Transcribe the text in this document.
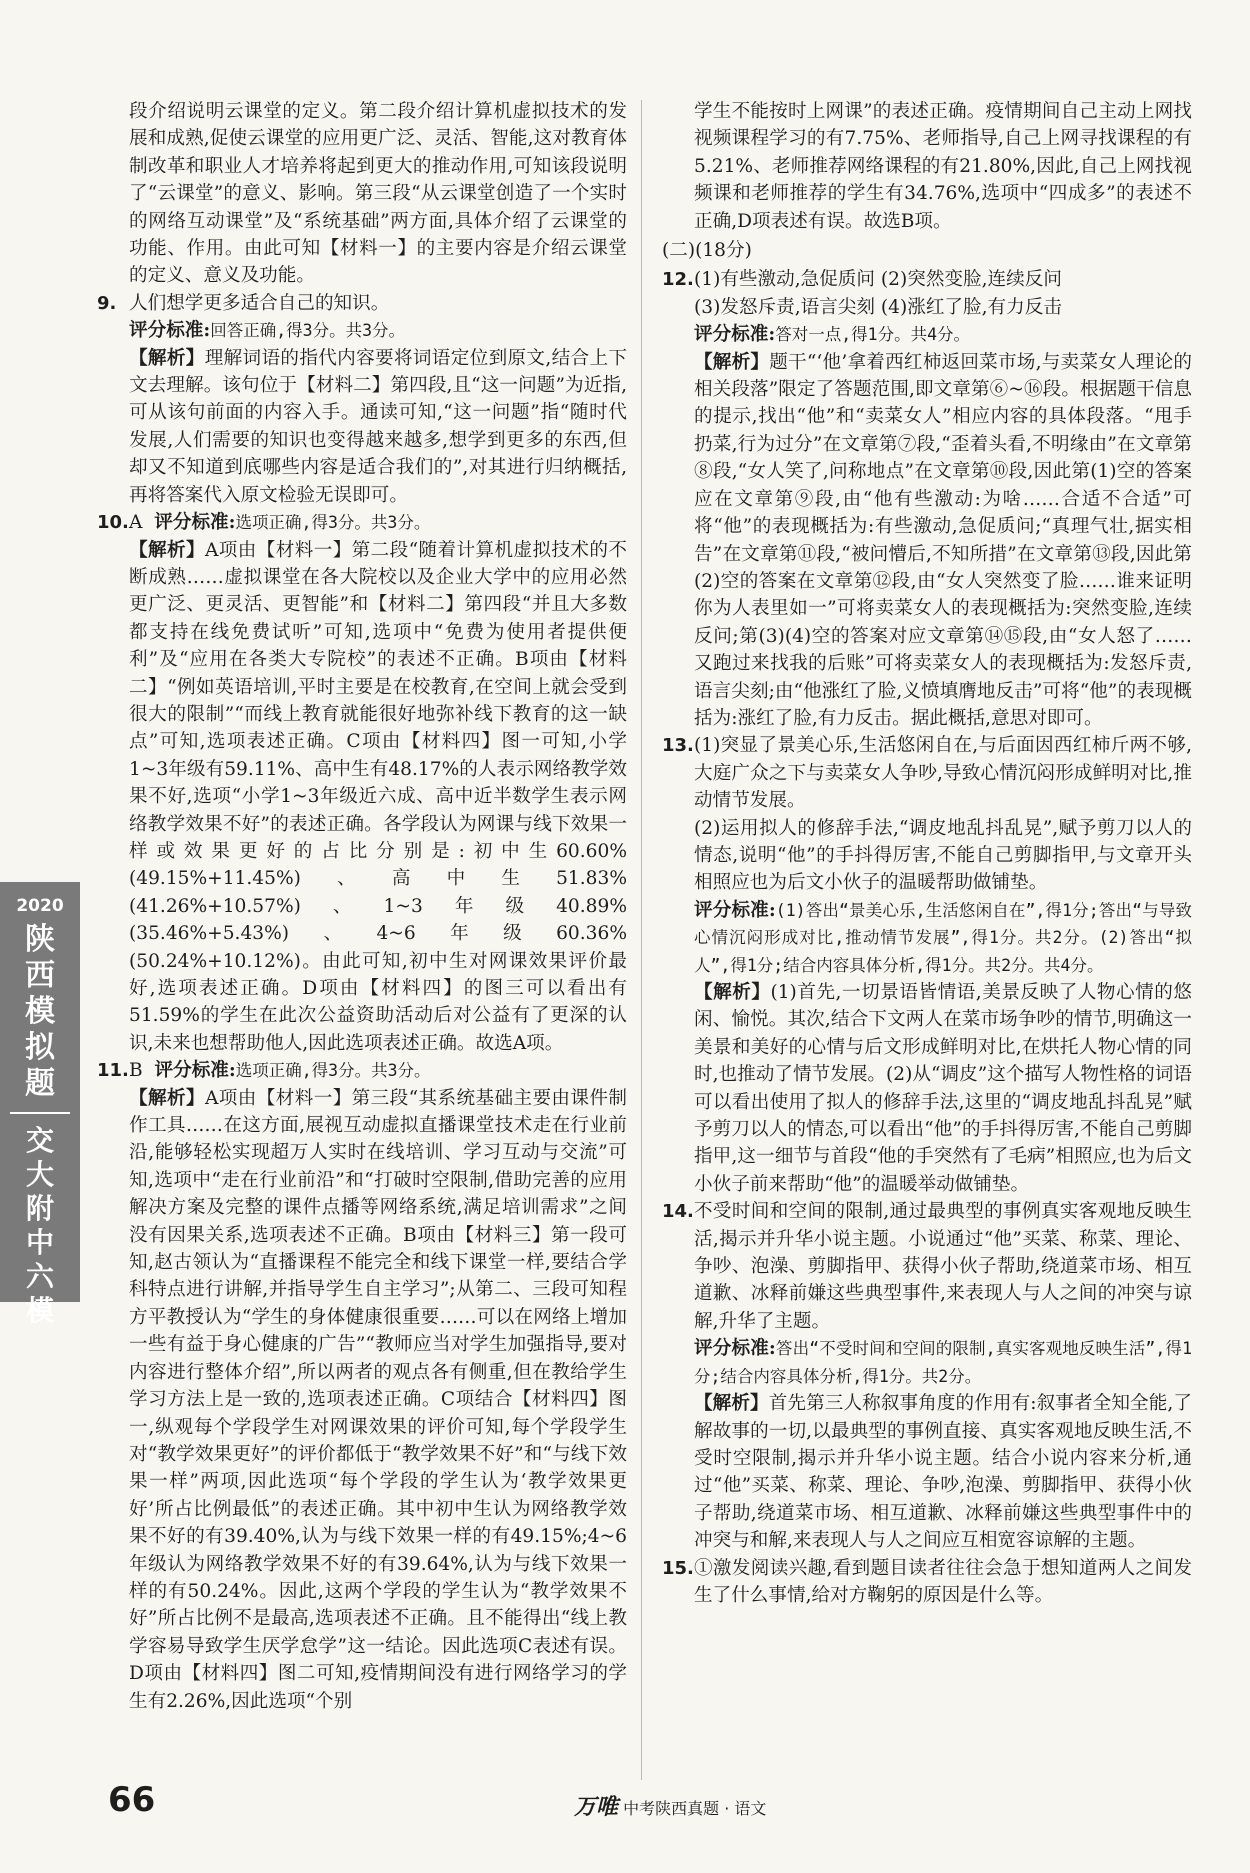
段介绍说明云课堂的定义。第二段介绍计算机虚拟技术的发展和成熟,促使云课堂的应用更广泛、灵活、智能,这对教育体制改革和职业人才培养将起到更大的推动作用,可知该段说明了“云课堂”的意义、影响。第三段“从云课堂创造了一个实时的网络互动课堂”及“系统基础”两方面,具体介绍了云课堂的功能、作用。由此可知【材料一】的主要内容是介绍云课堂的定义、意义及功能。

9. 人们想学更多适合自己的知识。

评分标准:回答正确,得3分。共3分。

【解析】理解词语的指代内容要将词语定位到原文,结合上下文去理解。该句位于【材料二】第四段,且“这一问题”为近指,可从该句前面的内容入手。通读可知,“这一问题”指“随时代发展,人们需要的知识也变得越来越多,想学到更多的东西,但却又不知道到底哪些内容是适合我们的”,对其进行归纳概括,再将答案代入原文检验无误即可。

10. A 评分标准:选项正确,得3分。共3分。

【解析】A项由【材料一】第二段“随着计算机虚拟技术的不断成熟……虚拟课堂在各大院校以及企业大学中的应用必然更广泛、更灵活、更智能”和【材料二】第四段“并且大多数都支持在线免费试听”可知,选项中“免费为使用者提供便利”及“应用在各类大专院校”的表述不正确。B项由【材料二】“例如英语培训,平时主要是在校教育,在空间上就会受到很大的限制”“而线上教育就能很好地弥补线下教育的这一缺点”可知,选项表述正确。C项由【材料四】图一可知,小学1~3年级有59.11%、高中生有48.17%的人表示网络教学效果不好,选项“小学1~3年级近六成、高中近半数学生表示网络教学效果不好”的表述正确。各学段认为网课与线下效果一样或效果更好的占比分别是:初中生60.60%(49.15%+11.45%)、高中生51.83%(41.26%+10.57%)、1~3年级40.89%(35.46%+5.43%)、4~6年级60.36%(50.24%+10.12%)。由此可知,初中生对网课效果评价最好,选项表述正确。D项由【材料四】的图三可以看出有51.59%的学生在此次公益资助活动后对公益有了更深的认识,未来也想帮助他人,因此选项表述正确。故选A项。

11. B 评分标准:选项正确,得3分。共3分。

【解析】A项由【材料一】第三段“其系统基础主要由课件制作工具……在这方面,展视互动虚拟直播课堂技术走在行业前沿,能够轻松实现超万人实时在线培训、学习互动与交流”可知,选项中“走在行业前沿”和“打破时空限制,借助完善的应用解决方案及完整的课件点播等网络系统,满足培训需求”之间没有因果关系,选项表述不正确。B项由【材料三】第一段可知,赵古领认为“直播课程不能完全和线下课堂一样,要结合学科特点进行讲解,并指导学生自主学习”;从第二、三段可知程方平教授认为“学生的身体健康很重要……可以在网络上增加一些有益于身心健康的广告”“教师应当对学生加强指导,要对内容进行整体介绍”,所以两者的观点各有侧重,但在教给学生学习方法上是一致的,选项表述正确。C项结合【材料四】图一,纵观每个学段学生对网课效果的评价可知,每个学段学生对“教学效果更好”的评价都低于“教学效果不好”和“与线下效果一样”两项,因此选项“每个学段的学生认为‘教学效果更好’所占比例最低”的表述正确。其中初中生认为网络教学效果不好的有39.40%,认为与线下效果一样的有49.15%;4~6年级认为网络教学效果不好的有39.64%,认为与线下效果一样的有50.24%。因此,这两个学段的学生认为“教学效果不好”所占比例不是最高,选项表述不正确。且不能得出“线上教学容易导致学生厌学怠学”这一结论。因此选项C表述有误。D项由【材料四】图二可知,疫情期间没有进行网络学习的学生有2.26%,因此选项“个别

学生不能按时上网课”的表述正确。疫情期间自己主动上网找视频课程学习的有7.75%、老师指导,自己上网寻找课程的有5.21%、老师推荐网络课程的有21.80%,因此,自己上网找视频课和老师推荐的学生有34.76%,选项中“四成多”的表述不正确,D项表述有误。故选B项。

(二)(18分)

12. (1)有些激动,急促质问 (2)突然变脸,连续反问

(3)发怒斥责,语言尖刻 (4)涨红了脸,有力反击

评分标准:答对一点,得1分。共4分。

【解析】题干“‘他’拿着西红柿返回菜市场,与卖菜女人理论的相关段落”限定了答题范围,即文章第⑥~⑯段。根据题干信息的提示,找出“他”和“卖菜女人”相应内容的具体段落。“甩手扔菜,行为过分”在文章第⑦段,“歪着头看,不明缘由”在文章第⑧段,“女人笑了,问称地点”在文章第⑩段,因此第(1)空的答案应在文章第⑨段,由“他有些激动:为啥……合适不合适”可将“他”的表现概括为:有些激动,急促质问;“真理气壮,据实相告”在文章第⑪段,“被问懵后,不知所措”在文章第⑬段,因此第(2)空的答案在文章第⑫段,由“女人突然变了脸……谁来证明你为人表里如一”可将卖菜女人的表现概括为:突然变脸,连续反问;第(3)(4)空的答案对应文章第⑭⑮段,由“女人怒了……又跑过来找我的后账”可将卖菜女人的表现概括为:发怒斥责,语言尖刻;由“他涨红了脸,义愤填膺地反击”可将“他”的表现概括为:涨红了脸,有力反击。据此概括,意思对即可。

13. (1)突显了景美心乐,生活悠闲自在,与后面因西红柿斤两不够,大庭广众之下与卖菜女人争吵,导致心情沉闷形成鲜明对比,推动情节发展。

(2)运用拟人的修辞手法,“调皮地乱抖乱晃”,赋予剪刀以人的情态,说明“他”的手抖得厉害,不能自己剪脚指甲,与文章开头相照应也为后文小伙子的温暖帮助做铺垫。

评分标准:(1)答出“景美心乐,生活悠闲自在”,得1分;答出“与导致心情沉闷形成对比,推动情节发展”,得1分。共2分。(2)答出“拟人”,得1分;结合内容具体分析,得1分。共2分。共4分。

【解析】(1)首先,一切景语皆情语,美景反映了人物心情的悠闲、愉悦。其次,结合下文两人在菜市场争吵的情节,明确这一美景和美好的心情与后文形成鲜明对比,在烘托人物心情的同时,也推动了情节发展。(2)从“调皮”这个描写人物性格的词语可以看出使用了拟人的修辞手法,这里的“调皮地乱抖乱晃”赋予剪刀以人的情态,可以看出“他”的手抖得厉害,不能自己剪脚指甲,这一细节与首段“他的手突然有了毛病”相照应,也为后文小伙子前来帮助“他”的温暖举动做铺垫。

14. 不受时间和空间的限制,通过最典型的事例真实客观地反映生活,揭示并升华小说主题。小说通过“他”买菜、称菜、理论、争吵、泡澡、剪脚指甲、获得小伙子帮助,绕道菜市场、相互道歉、冰释前嫌这些典型事件,来表现人与人之间的冲突与谅解,升华了主题。

评分标准:答出“不受时间和空间的限制,真实客观地反映生活”,得1分;结合内容具体分析,得1分。共2分。

【解析】首先第三人称叙事角度的作用有:叙事者全知全能,了解故事的一切,以最典型的事例直接、真实客观地反映生活,不受时空限制,揭示并升华小说主题。结合小说内容来分析,通过“他”买菜、称菜、理论、争吵,泡澡、剪脚指甲、获得小伙子帮助,绕道菜市场、相互道歉、冰释前嫌这些典型事件中的冲突与和解,来表现人与人之间应互相宽容谅解的主题。

15. ①激发阅读兴趣,看到题目读者往往会急于想知道两人之间发生了什么事情,给对方鞠躬的原因是什么等。

2020
陕西模拟题
交大附中六模
66	万唯 中考陕西真题 · 语文
